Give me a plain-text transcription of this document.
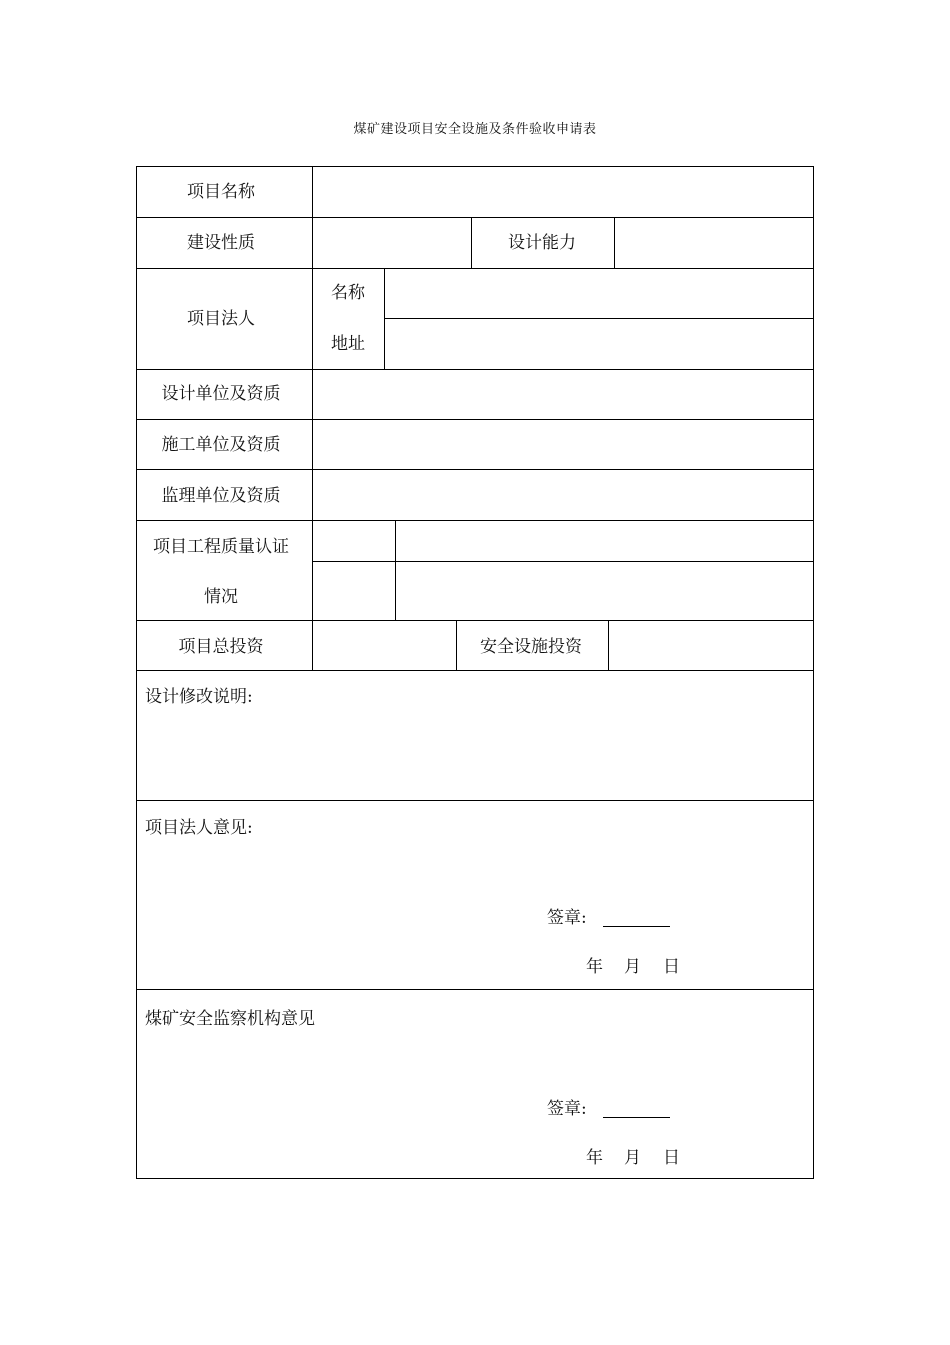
煤矿建设项目安全设施及条件验收申请表
项目名称
建设性质	设计能力
项目法人
名称
地址
设计单位及资质
施工单位及资质
监理单位及资质
项目工程质量认证
情况
项目总投资	安全设施投资
设计修改说明:
项目法人意见:
签章:
年 月 日
煤矿安全监察机构意见
签章:
年 月 日
